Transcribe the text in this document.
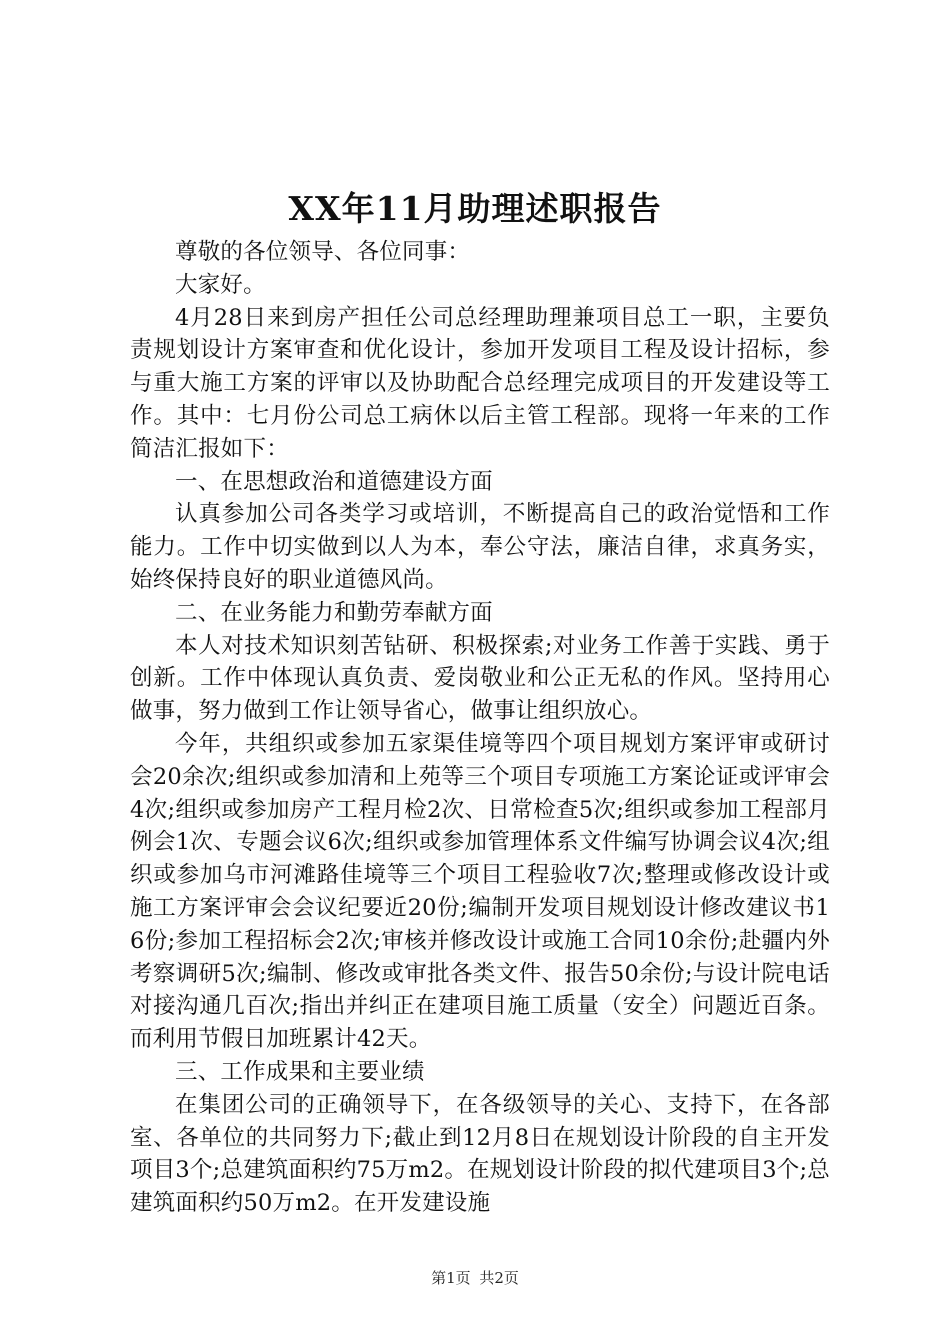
XX年11月助理述职报告

尊敬的各位领导、各位同事：

大家好。

4月28日来到房产担任公司总经理助理兼项目总工一职，主要负责规划设计方案审查和优化设计，参加开发项目工程及设计招标，参与重大施工方案的评审以及协助配合总经理完成项目的开发建设等工作。其中：七月份公司总工病休以后主管工程部。现将一年来的工作简洁汇报如下：

一、在思想政治和道德建设方面

认真参加公司各类学习或培训，不断提高自己的政治觉悟和工作能力。工作中切实做到以人为本，奉公守法，廉洁自律，求真务实，始终保持良好的职业道德风尚。

二、在业务能力和勤劳奉献方面

本人对技术知识刻苦钻研、积极探索;对业务工作善于实践、勇于创新。工作中体现认真负责、爱岗敬业和公正无私的作风。坚持用心做事，努力做到工作让领导省心，做事让组织放心。

今年，共组织或参加五家渠佳境等四个项目规划方案评审或研讨会20余次;组织或参加清和上苑等三个项目专项施工方案论证或评审会4次;组织或参加房产工程月检2次、日常检查5次;组织或参加工程部月例会1次、专题会议6次;组织或参加管理体系文件编写协调会议4次;组织或参加乌市河滩路佳境等三个项目工程验收7次;整理或修改设计或施工方案评审会会议纪要近20份;编制开发项目规划设计修改建议书16份;参加工程招标会2次;审核并修改设计或施工合同10余份;赴疆内外考察调研5次;编制、修改或审批各类文件、报告50余份;与设计院电话对接沟通几百次;指出并纠正在建项目施工质量（安全）问题近百条。而利用节假日加班累计42天。

三、工作成果和主要业绩

在集团公司的正确领导下，在各级领导的关心、支持下，在各部室、各单位的共同努力下;截止到12月8日在规划设计阶段的自主开发项目3个;总建筑面积约75万m2。在规划设计阶段的拟代建项目3个;总建筑面积约50万m2。在开发建设施

第1页 共2页
